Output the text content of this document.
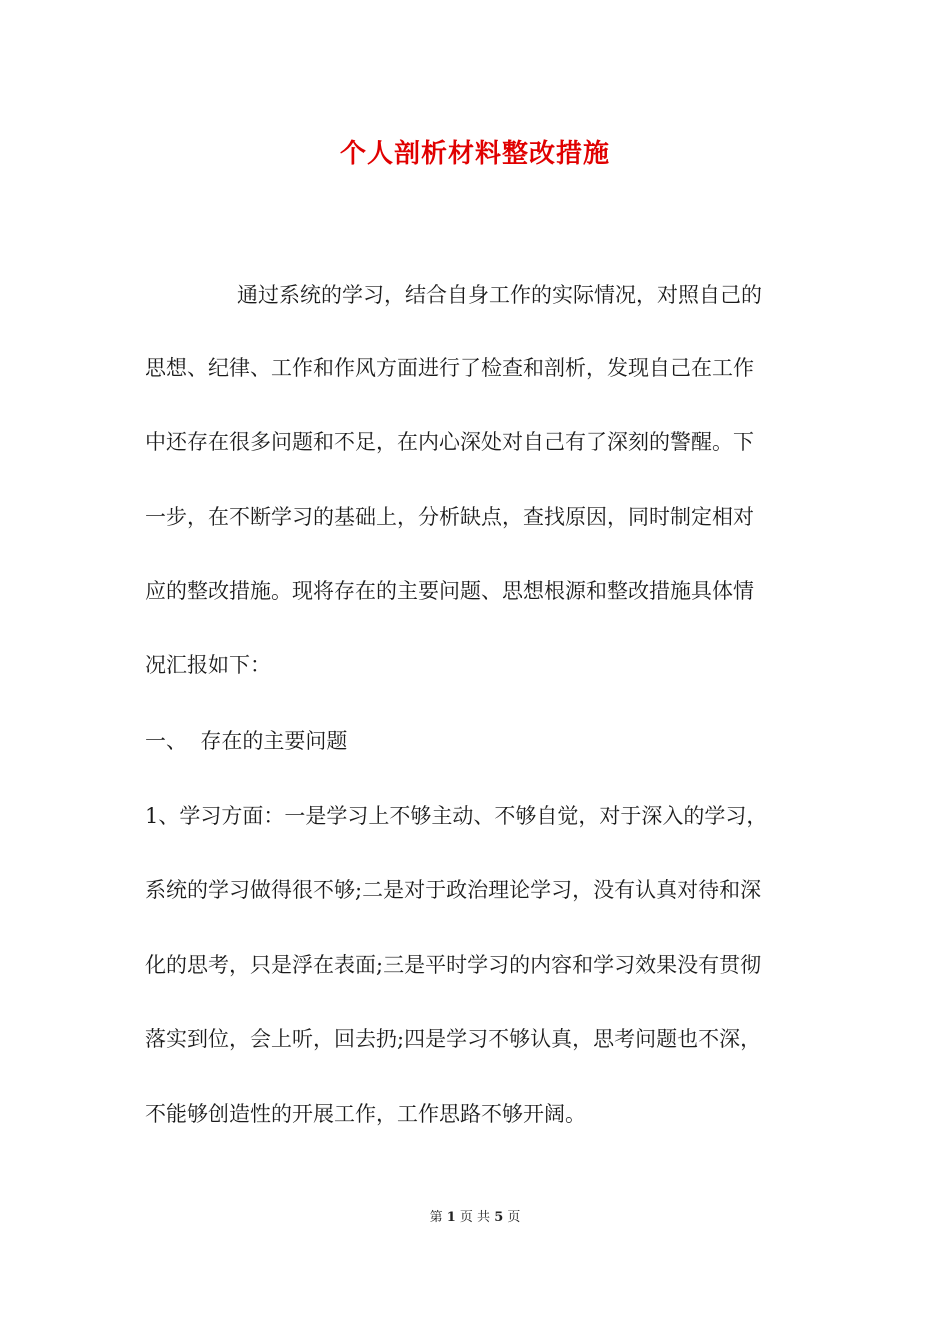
个人剖析材料整改措施
通过系统的学习，结合自身工作的实际情况，对照自己的
思想、纪律、工作和作风方面进行了检查和剖析，发现自己在工作
中还存在很多问题和不足，在内心深处对自己有了深刻的警醒。下
一步，在不断学习的基础上，分析缺点，查找原因，同时制定相对
应的整改措施。现将存在的主要问题、思想根源和整改措施具体情
况汇报如下：
一、  存在的主要问题
1、学习方面：一是学习上不够主动、不够自觉，对于深入的学习，
系统的学习做得很不够;二是对于政治理论学习，没有认真对待和深
化的思考，只是浮在表面;三是平时学习的内容和学习效果没有贯彻
落实到位，会上听，回去扔;四是学习不够认真，思考问题也不深，
不能够创造性的开展工作，工作思路不够开阔。
第 1 页 共 5 页
